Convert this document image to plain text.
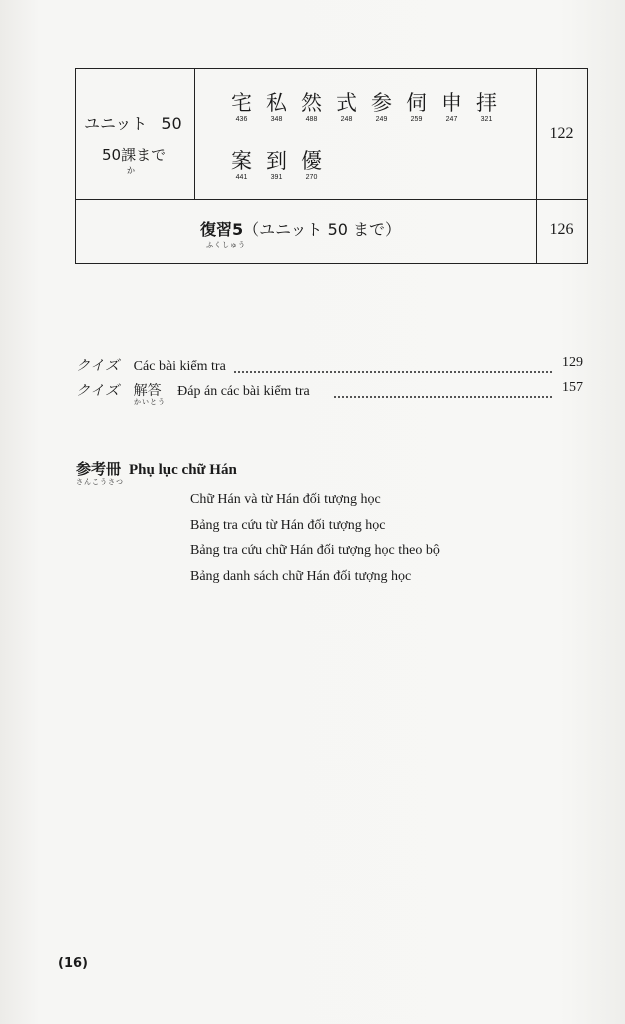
ユニット 50
50課まで
か
宅
436
私
348
然
488
式
248
参
249
伺
259
申
247
拝
321
案
441
到
391
優
270
122
復習5（ユニット 50 まで）
ふくしゅう
126
クイズ Các bài kiểm tra	129
クイズ 解答 Đáp án các bài kiểm tra
かいとう
157
参考冊 Phụ lục chữ Hán
さんこうさつ
Chữ Hán và từ Hán đối tượng học
Bảng tra cứu từ Hán đối tượng học
Bảng tra cứu chữ Hán đối tượng học theo bộ
Bảng danh sách chữ Hán đối tượng học
(16)
